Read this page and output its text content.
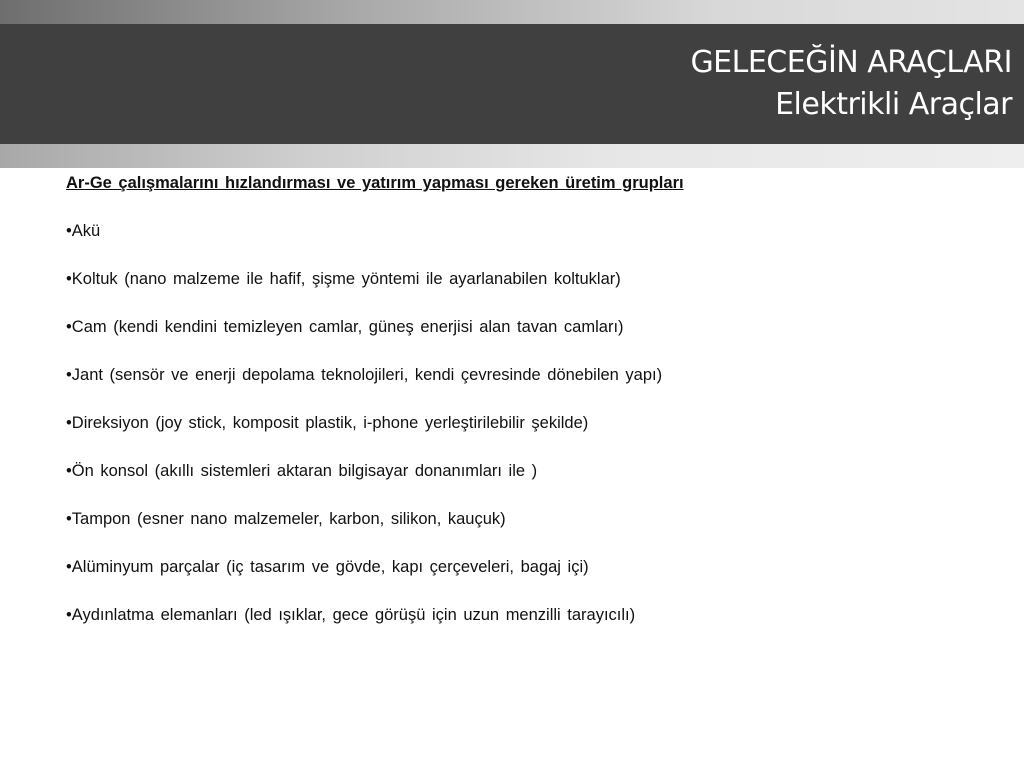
GELECEĞİN ARAÇLARI
Elektrikli Araçlar
Ar-Ge çalışmalarını hızlandırması ve yatırım yapması gereken üretim grupları
•Akü
•Koltuk (nano malzeme ile hafif, şişme yöntemi ile ayarlanabilen koltuklar)
•Cam (kendi kendini temizleyen camlar, güneş enerjisi alan tavan camları)
•Jant (sensör ve enerji depolama teknolojileri, kendi çevresinde dönebilen yapı)
•Direksiyon (joy stick, komposit plastik, i-phone yerleştirilebilir şekilde)
•Ön konsol (akıllı sistemleri aktaran bilgisayar donanımları ile )
•Tampon (esner nano malzemeler, karbon, silikon, kauçuk)
•Alüminyum parçalar (iç tasarım ve gövde, kapı çerçeveleri, bagaj içi)
•Aydınlatma elemanları (led ışıklar, gece görüşü için uzun menzilli tarayıcılı)
